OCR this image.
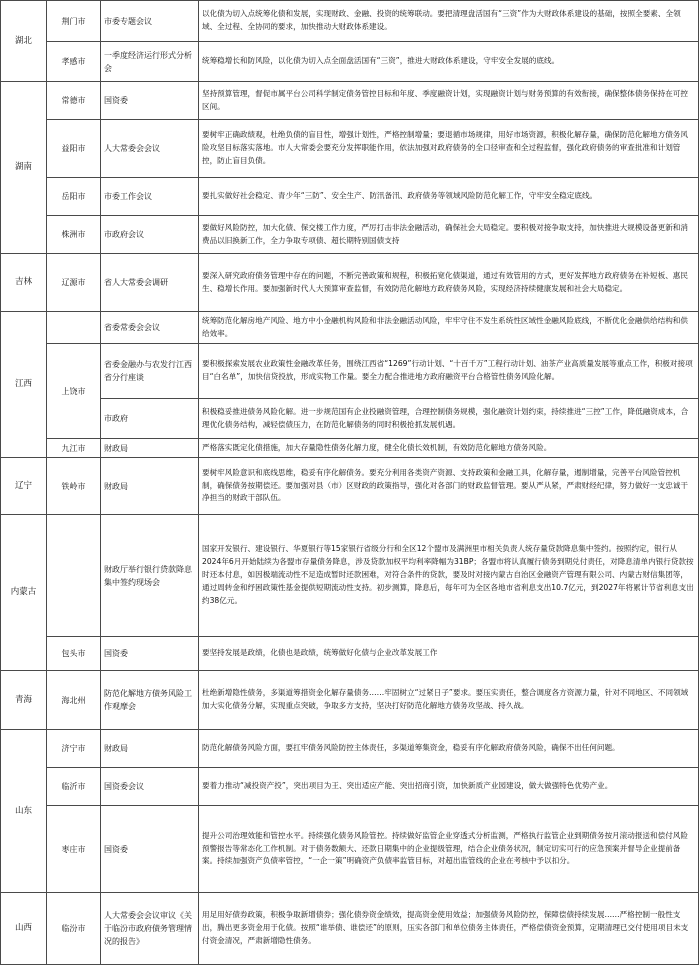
湖北	荆门市	市委专题会议	以化债为切入点统筹化债和发展，实现财政、金融、投资的统筹联动。要把清理盘活国有“三资”作为大财政体系建设的基础，按照全要素、全领域、全过程、全协同的要求，加快推动大财政体系建设。
	孝感市	一季度经济运行形式分析会	统筹稳增长和防风险，以化债为切入点全面盘活国有“三资”，推进大财政体系建设，守牢安全发展的底线。
湖南	常德市	国资委	坚持预算管理，督促市属平台公司科学制定债务管控目标和年度、季度融资计划，实现融资计划与财务预算的有效衔接，确保整体债务保持在可控区间。
	益阳市	人大常委会会议	要树牢正确政绩观，杜绝负债的盲目性，增强计划性，严格控制增量；要退循市场规律，用好市场资源，积极化解存量，确保防范化解地方债务风险攻坚目标落实落地。市人大常委会要充分发挥职能作用，依法加强对政府债务的全口径审查和全过程监督，强化政府债务的审查批准和计划管控，防止盲目负债。
	岳阳市	市委工作会议	要扎实做好社会稳定、青少年“三防”、安全生产、防汛备汛、政府债务等领域风险防范化解工作，守牢安全稳定底线。
	株洲市	市政府会议	要做好风险防控，加大化债、保交楼工作力度，严厉打击非法金融活动，确保社会大局稳定。要积极对接争取支持，加快推进大规模设备更新和消费品以旧换新工作，全力争取专项债、超长期特别国债支持
吉林	辽源市	省人大常委会调研	要深入研究政府债务管理中存在的问题，不断完善政策和规程，积极拓宽化债渠道，通过有效管用的方式，更好发挥地方政府债务在补短板、惠民生、稳增长作用。要加强新时代人大预算审查监督，有效防范化解地方政府债务风险，实现经济持续健康发展和社会大局稳定。
江西		省委常委会会议	统筹防范化解房地产风险、地方中小金融机构风险和非法金融活动风险，牢牢守住不发生系统性区域性金融风险底线，不断优化金融供给结构和供给效率。
	上饶市	省委金融办与农发行江西省分行座谈	要积极探索发展农业政策性金融改革任务，围绕江西省“1269”行动计划、“十百千万”工程行动计划、油茶产业高质量发展等重点工作，积极对接项目“白名单”，加快信贷投放，形成实物工作量。要全力配合推进地方政府融资平台合格管性债务风险化解。
		市政府	积极稳妥推进债务风险化解。进一步规范国有企业投融资管理，合理控制债务规模，强化融资计划约束，持续推进“三控”工作，降低融资成本，合理优化债务结构，减轻偿债压力，在防范化解债务的同时积极抢抓发展机遇。
	九江市	财政局	严格落实既定化债措施，加大存量隐性债务化解力度，健全化债长效机制，有效防范化解地方债务风险。
辽宁	铁岭市	财政局	要树牢风险意识和底线思维，稳妥有序化解债务。要充分利用各类资产资源、支持政策和金融工具，化解存量，遏制增量，完善平台风险管控机制，确保债务按期偿还。要加强对县（市）区财政的政策指导，强化对各部门的财政监督管理。要从严从紧，严肃财经纪律，努力做好一支忠诚干净担当的财政干部队伍。
内蒙古		财政厅举行银行贷款降息集中签约现场会	国家开发银行、建设银行、华夏银行等15家银行省级分行和全区12个盟市及满洲里市相关负责人统存量贷款降息集中签约。按照约定，银行从2024年6月开始陆续为各盟市存量债务降息，涉及贷款加权平均利率降幅为31BP；各盟市将认真履行债务到期兑付责任，对降息清单内银行贷款按时还本付息，如因极端流动性不足造成暂时还款困难，对符合条件的贷款，要及时对接内蒙古自治区金融资产管理有限公司、内蒙古财信集团等，通过周转金和纾困政策性基金提供短期流动性支持。初步测算，降息后，每年可为全区各地市省利息支出10.7亿元，到2027年将累计节省利息支出约38亿元。
	包头市	国资委	要坚持发展是政绩，化债也是政绩，统筹做好化债与企业改革发展工作
青海	海北州	防范化解地方债务风险工作观摩会	杜绝新增隐性债务，多渠道筹措资金化解存量债务……牢固树立“过紧日子”要求。要压实责任，整合调度各方资源力量，针对不同地区、不同领域加大实化债务分解，实现重点突破，争取多方支持，坚决打好防范化解地方债务攻坚战、持久战。
山东	济宁市	财政局	防范化解债务风险方面，要扛牢债务风险防控主体责任，多渠道筹集资金，稳妥有序化解政府债务风险，确保不出任何问题。
	临沂市	国资委会议	要着力推动“减投资产投”，突出项目为王、突出适应产能、突出招商引资，加快新质产业园建设，做大做强特色优势产业。
	枣庄市	国资委	提升公司治理效能和管控水平。持续强化债务风险管控。持续做好监管企业穿透式分析监测，严格执行监管企业到期债务按月滚动报送和偿付风险预警报告等常态化工作机制。对于债务数额大、还款日期集中的企业提级管理，结合企业债务状况，制定切实可行的应急预案并督导企业提前备案。持续加强资产负债率管控，“一企一策”明确资产负债率监管目标，对超出监管线的企业在考核中予以扣分。
山西	临汾市	人大常委会会议审议《关于临汾市政府债务管理情况的报告》	用足用好债券政策，积极争取新增债券；强化债券资金绩效，提高资金使用效益；加强债务风险防控，保障偿债持续发展……严格控制一般性支出，腾出更多资金用于化债。按照“谁举债、谁偿还”的原则，压实各部门和单位债务主体责任，严格偿债资金预算，定期清理已交付使用项目未支付资金清况，严肃新增隐性债务。
